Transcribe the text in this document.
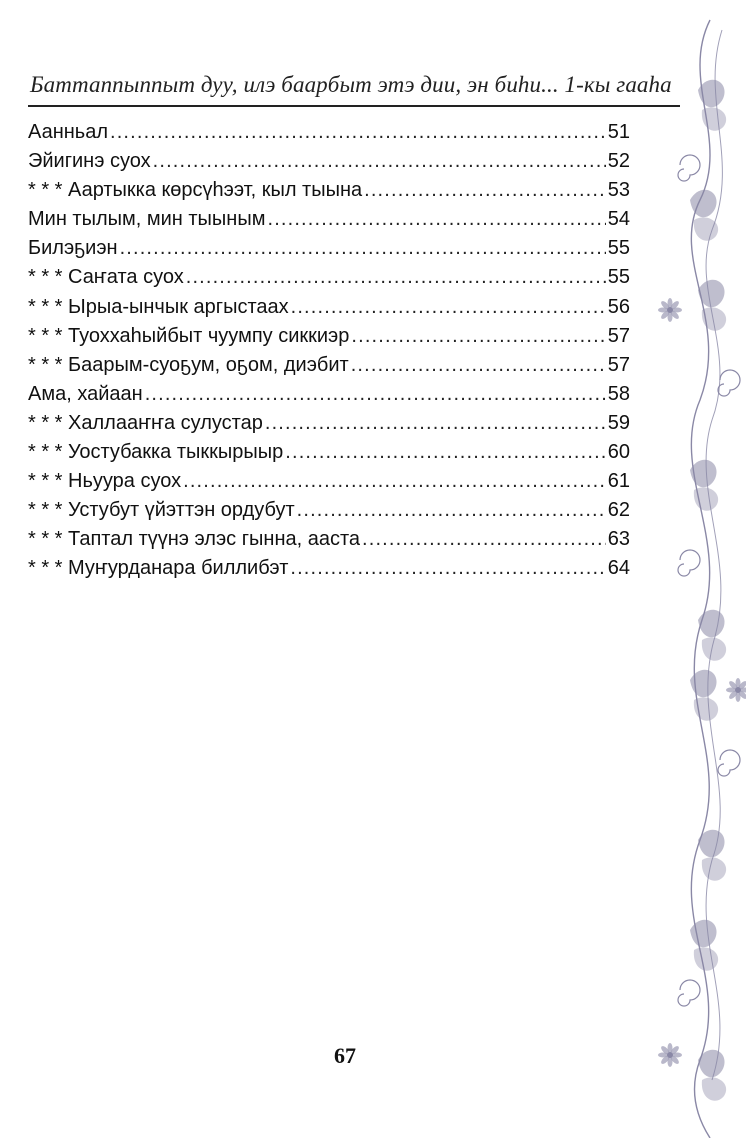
Баттаппыппыт дуу, илэ баарбыт этэ дии, эн биhи... 1-кы гааhа
Аанньал . . .	51
Эйигинэ суох . . .	52
* * * Аартыкка көрсүhээт, кыл тыына . . .	53
Мин тылым, мин тыыным . . .	54
Билэҕиэн . . .	55
* * * Саҥата суох . . .	55
* * * Ырыа-ынчык аргыстаах . . .	56
* * * Туоххаhыйбыт чуумпу сиккиэр . . .	57
* * * Баарым-суоҕум, оҕом, диэбит . . .	57
Ама, хайаан . . .	58
* * * Халлааҥҥа сулустар . . .	59
* * * Уостубакка тыккырыыр . . .	60
* * * Ньуура суох . . .	61
* * * Устубут үйэттэн ордубут . . .	62
* * * Таптал түүнэ элэс гынна, ааста . . .	63
* * * Муҥурданара биллибэт . . .	64
67
